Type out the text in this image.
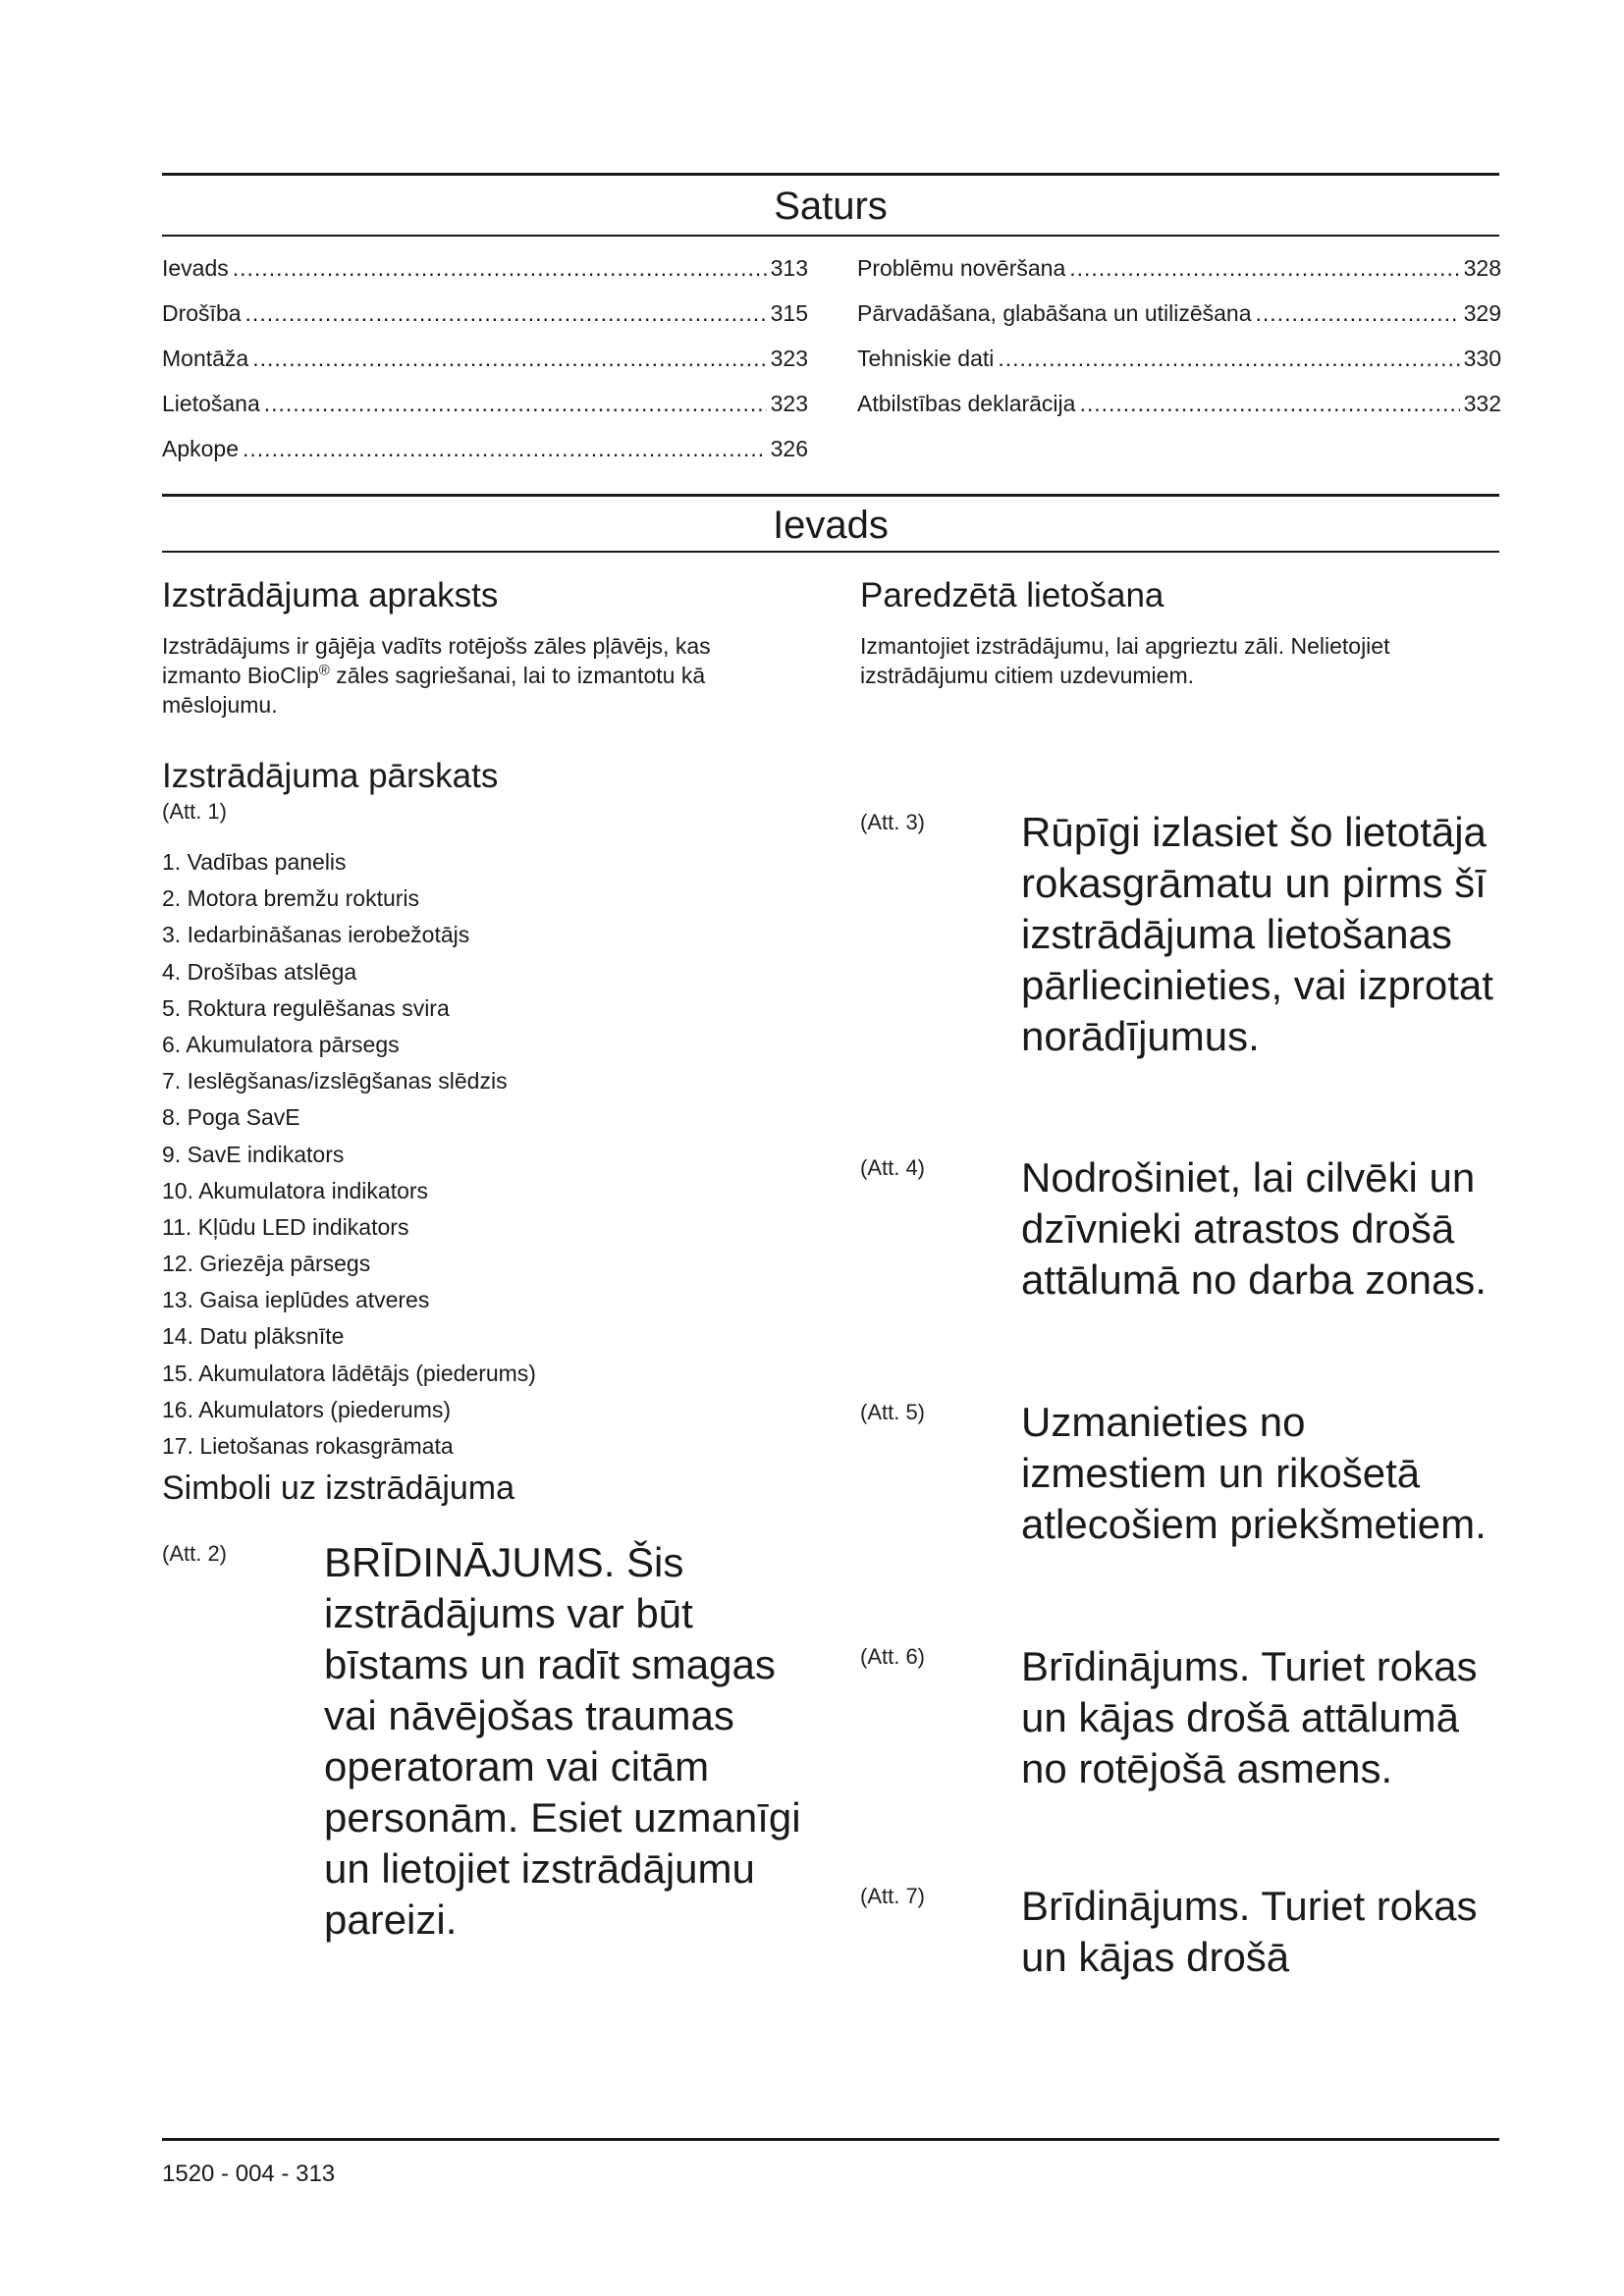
Saturs
Ievads .....	313
Drošība .....	315
Montāža .....	323
Lietošana .....	323
Apkope .....	326
Problēmu novēršana .....	328
Pārvadāšana, glabāšana un utilizēšana .....	329
Tehniskie dati .....	330
Atbilstības deklarācija .....	332
Ievads
Izstrādājuma apraksts
Izstrādājums ir gājēja vadīts rotējošs zāles pļāvējs, kas izmanto BioClip® zāles sagriešanai, lai to izmantotu kā mēslojumu.
Paredzētā lietošana
Izmantojiet izstrādājumu, lai apgrieztu zāli. Nelietojiet izstrādājumu citiem uzdevumiem.
Izstrādājuma pārskats
(Att. 1)
1. Vadības panelis
2. Motora bremžu rokturis
3. Iedarbināšanas ierobežotājs
4. Drošības atslēga
5. Roktura regulēšanas svira
6. Akumulatora pārsegs
7. Ieslēgšanas/izslēgšanas slēdzis
8. Poga SavE
9. SavE indikators
10. Akumulatora indikators
11. Kļūdu LED indikators
12. Griezēja pārsegs
13. Gaisa ieplūdes atveres
14. Datu plāksnīte
15. Akumulatora lādētājs (piederums)
16. Akumulators (piederums)
17. Lietošanas rokasgrāmata
Simboli uz izstrādājuma
(Att. 2) BRĪDINĀJUMS. Šis izstrādājums var būt bīstams un radīt smagas vai nāvējošas traumas operatoram vai citām personām. Esiet uzmanīgi un lietojiet izstrādājumu pareizi.
(Att. 3) Rūpīgi izlasiet šo lietotāja rokasgrāmatu un pirms šī izstrādājuma lietošanas pārliecinieties, vai izprotat norādījumus.
(Att. 4) Nodrošiniet, lai cilvēki un dzīvnieki atrastos drošā attālumā no darba zonas.
(Att. 5) Uzmanieties no izmestiem un rikošetā atlecošiem priekšmetiem.
(Att. 6) Brīdinājums. Turiet rokas un kājas drošā attālumā no rotējošā asmens.
(Att. 7) Brīdinājums. Turiet rokas un kājas drošā
1520 - 004 - 313
